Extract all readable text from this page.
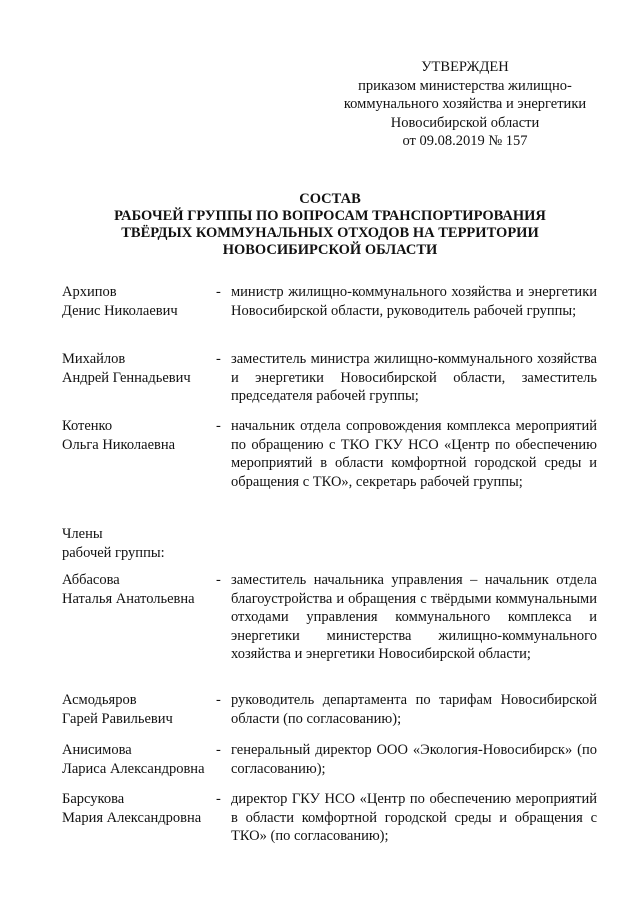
УТВЕРЖДЕН
приказом министерства жилищно-
коммунального хозяйства и энергетики
Новосибирской области
от 09.08.2019 № 157
СОСТАВ
РАБОЧЕЙ ГРУППЫ ПО ВОПРОСАМ ТРАНСПОРТИРОВАНИЯ
ТВЁРДЫХ КОММУНАЛЬНЫХ ОТХОДОВ НА ТЕРРИТОРИИ
НОВОСИБИРСКОЙ ОБЛАСТИ
Архипов
Денис Николаевич
- министр жилищно-коммунального хозяйства и энергетики Новосибирской области, руководитель рабочей группы;
Михайлов
Андрей Геннадьевич
- заместитель министра жилищно-коммунального хозяйства и энергетики Новосибирской области, заместитель председателя рабочей группы;
Котенко
Ольга Николаевна
- начальник отдела сопровождения комплекса мероприятий по обращению с ТКО ГКУ НСО «Центр по обеспечению мероприятий в области комфортной городской среды и обращения с ТКО», секретарь рабочей группы;
Члены
рабочей группы:
Аббасова
Наталья Анатольевна
- заместитель начальника управления – начальник отдела благоустройства и обращения с твёрдыми коммунальными отходами управления коммунального комплекса и энергетики министерства жилищно-коммунального хозяйства и энергетики Новосибирской области;
Асмодьяров
Гарей Равильевич
- руководитель департамента по тарифам Новосибирской области (по согласованию);
Анисимова
Лариса Александровна
- генеральный директор ООО «Экология-Новосибирск» (по согласованию);
Барсукова
Мария Александровна
- директор ГКУ НСО «Центр по обеспечению мероприятий в области комфортной городской среды и обращения с ТКО» (по согласованию);
